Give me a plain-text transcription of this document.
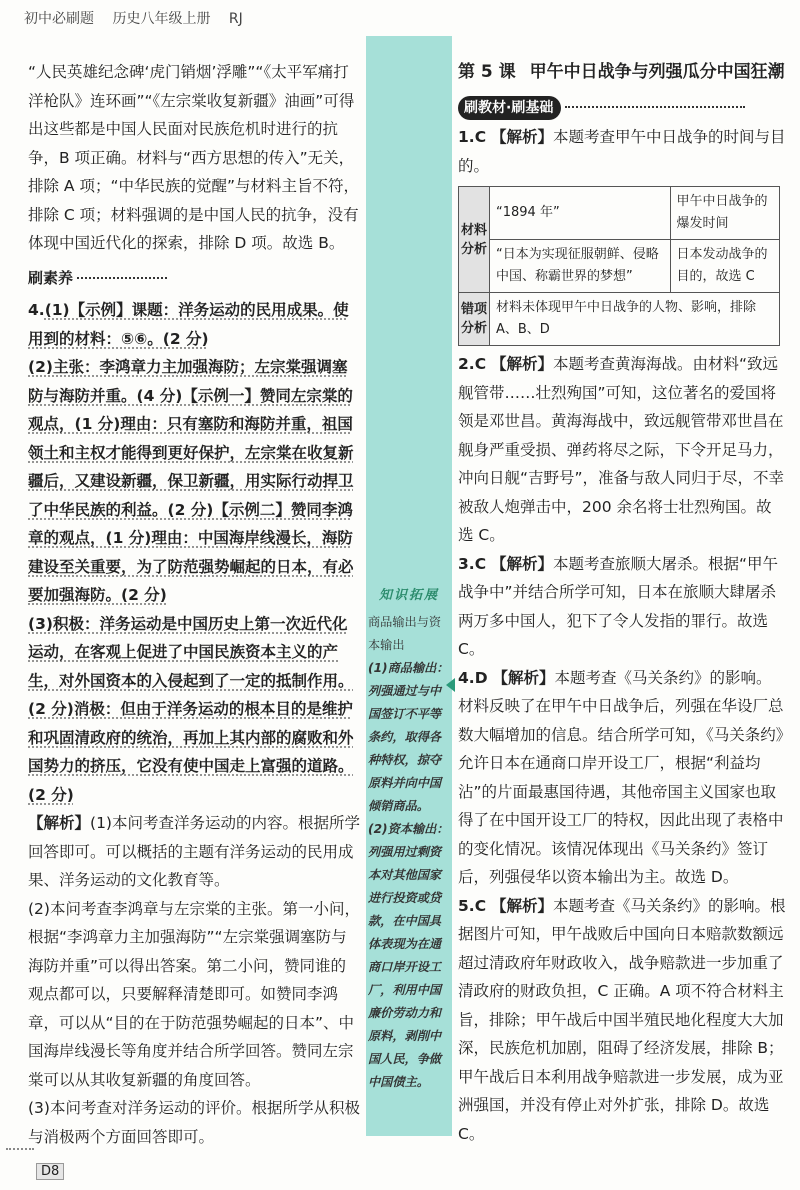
初中必刷题 历史八年级上册 RJ

“人民英雄纪念碑‘虎门销烟’浮雕”“《太平军痛打洋枪队》连环画”“《左宗棠收复新疆》油画”可得出这些都是中国人民面对民族危机时进行的抗争，B 项正确。材料与“西方思想的传入”无关，排除 A 项；“中华民族的觉醒”与材料主旨不符，排除 C 项；材料强调的是中国人民的抗争，没有体现中国近代化的探索，排除 D 项。故选 B。

刷素养

4.(1)【示例】课题：洋务运动的民用成果。使用到的材料：⑤⑥。(2 分)

(2)主张：李鸿章力主加强海防；左宗棠强调塞防与海防并重。(4 分)【示例一】赞同左宗棠的观点，(1 分)理由：只有塞防和海防并重，祖国领土和主权才能得到更好保护，左宗棠在收复新疆后，又建设新疆，保卫新疆，用实际行动捍卫了中华民族的利益。(2 分)【示例二】赞同李鸿章的观点，(1 分)理由：中国海岸线漫长，海防建设至关重要，为了防范强势崛起的日本，有必要加强海防。(2 分)

(3)积极：洋务运动是中国历史上第一次近代化运动，在客观上促进了中国民族资本主义的产生，对外国资本的入侵起到了一定的抵制作用。(2 分)消极：但由于洋务运动的根本目的是维护和巩固清政府的统治，再加上其内部的腐败和外国势力的挤压，它没有使中国走上富强的道路。(2 分)

【解析】(1)本问考查洋务运动的内容。根据所学回答即可。可以概括的主题有洋务运动的民用成果、洋务运动的文化教育等。

(2)本问考查李鸿章与左宗棠的主张。第一小问，根据“李鸿章力主加强海防”“左宗棠强调塞防与海防并重”可以得出答案。第二小问，赞同谁的观点都可以，只要解释清楚即可。如赞同李鸿章，可以从“目的在于防范强势崛起的日本”、中国海岸线漫长等角度并结合所学回答。赞同左宗棠可以从其收复新疆的角度回答。

(3)本问考查对洋务运动的评价。根据所学从积极与消极两个方面回答即可。

知识拓展

商品输出与资本输出

(1)商品输出：列强通过与中国签订不平等条约，取得各种特权，掠夺原料并向中国倾销商品。

(2)资本输出：列强用过剩资本对其他国家进行投资或贷款，在中国具体表现为在通商口岸开设工厂，利用中国廉价劳动力和原料，剥削中国人民，争做中国债主。

第 5 课 甲午中日战争与列强瓜分中国狂潮
刷教材·刷基础

1.C 【解析】本题考查甲午中日战争的时间与目的。

材料分析	“1894 年”	甲午中日战争的爆发时间
	“日本为实现征服朝鲜、侵略中国、称霸世界的梦想”	日本发动战争的目的，故选 C
错项分析	材料未体现甲午中日战争的人物、影响，排除 A、B、D	

2.C 【解析】本题考查黄海海战。由材料“致远舰管带……壮烈殉国”可知，这位著名的爱国将领是邓世昌。黄海海战中，致远舰管带邓世昌在舰身严重受损、弹药将尽之际，下令开足马力，冲向日舰“吉野号”，准备与敌人同归于尽，不幸被敌人炮弹击中，200 余名将士壮烈殉国。故选 C。

3.C 【解析】本题考查旅顺大屠杀。根据“甲午战争中”并结合所学可知，日本在旅顺大肆屠杀两万多中国人，犯下了令人发指的罪行。故选 C。

4.D 【解析】本题考查《马关条约》的影响。材料反映了在甲午中日战争后，列强在华设厂总数大幅增加的信息。结合所学可知，《马关条约》允许日本在通商口岸开设工厂，根据“利益均沾”的片面最惠国待遇，其他帝国主义国家也取得了在中国开设工厂的特权，因此出现了表格中的变化情况。该情况体现出《马关条约》签订后，列强侵华以资本输出为主。故选 D。

5.C 【解析】本题考查《马关条约》的影响。根据图片可知，甲午战败后中国向日本赔款数额远超过清政府年财政收入，战争赔款进一步加重了清政府的财政负担，C 正确。A 项不符合材料主旨，排除；甲午战后中国半殖民地化程度大大加深，民族危机加剧，阻碍了经济发展，排除 B；甲午战后日本利用战争赔款进一步发展，成为亚洲强国，并没有停止对外扩张，排除 D。故选 C。

D8
